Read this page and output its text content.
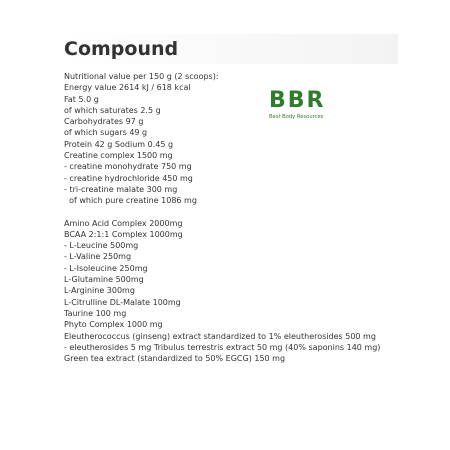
Compound
BBR
Best Body Resources
Nutritional value per 150 g (2 scoops):
Energy value 2614 kJ / 618 kcal
Fat 5.0 g
of which saturates 2.5 g
Carbohydrates 97 g
of which sugars 49 g
Protein 42 g Sodium 0.45 g
Creatine complex 1500 mg
- creatine monohydrate 750 mg
- creatine hydrochloride 450 mg
- tri-creatine malate 300 mg
of which pure creatine 1086 mg
Amino Acid Complex 2000mg
BCAA 2:1:1 Complex 1000mg
- L-Leucine 500mg
- L-Valine 250mg
- L-Isoleucine 250mg
L-Glutamine 500mg
L-Arginine 300mg
L-Citrulline DL-Malate 100mg
Taurine 100 mg
Phyto Complex 1000 mg
Eleutherococcus (ginseng) extract standardized to 1% eleutherosides 500 mg
- eleutherosides 5 mg Tribulus terrestris extract 50 mg (40% saponins 140 mg)
Green tea extract (standardized to 50% EGCG) 150 mg
